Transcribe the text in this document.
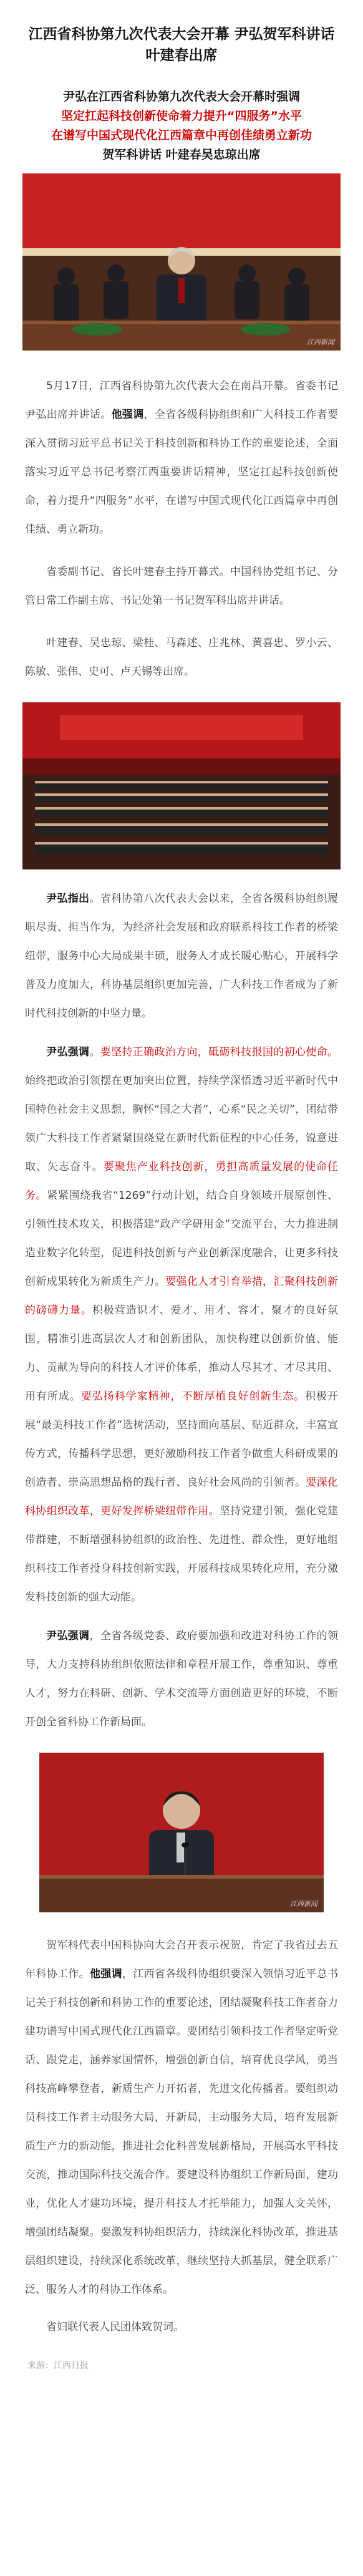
江西省科协第九次代表大会开幕 尹弘贺军科讲话
叶建春出席
尹弘在江西省科协第九次代表大会开幕时强调
坚定扛起科技创新使命着力提升“四服务”水平
在谱写中国式现代化江西篇章中再创佳绩勇立新功
贺军科讲话 叶建春吴忠琼出席
江西新闻

5月17日，江西省科协第九次代表大会在南昌开幕。省委书记尹弘出席并讲话。他强调，全省各级科协组织和广大科技工作者要深入贯彻习近平总书记关于科技创新和科协工作的重要论述，全面落实习近平总书记考察江西重要讲话精神，坚定扛起科技创新使命，着力提升“四服务”水平，在谱写中国式现代化江西篇章中再创佳绩、勇立新功。

省委副书记、省长叶建春主持开幕式。中国科协党组书记、分管日常工作副主席、书记处第一书记贺军科出席并讲话。

叶建春、吴忠琼、梁桂、马森述、庄兆林、黄喜忠、罗小云、陈敏、张伟、史可、卢天锡等出席。

尹弘指出。省科协第八次代表大会以来，全省各级科协组织履职尽责、担当作为，为经济社会发展和政府联系科技工作者的桥梁纽带，服务中心大局成果丰硕，服务人才成长暖心贴心，开展科学普及力度加大，科协基层组织更加完善，广大科技工作者成为了新时代科技创新的中坚力量。

尹弘强调。要坚持正确政治方向，砥砺科技报国的初心使命。始终把政治引领摆在更加突出位置，持续学深悟透习近平新时代中国特色社会主义思想，胸怀“国之大者”，心系“民之关切”，团结带领广大科技工作者紧紧围绕党在新时代新征程的中心任务，锐意进取、矢志奋斗。要聚焦产业科技创新，勇担高质量发展的使命任务。紧紧围绕我省“1269”行动计划，结合自身领域开展原创性、引领性技术攻关，积极搭建“政产学研用金”交流平台，大力推进制造业数字化转型，促进科技创新与产业创新深度融合，让更多科技创新成果转化为新质生产力。要强化人才引育举措，汇聚科技创新的磅礴力量。积极营造识才、爱才、用才、容才、聚才的良好氛围，精准引进高层次人才和创新团队，加快构建以创新价值、能力、贡献为导向的科技人才评价体系，推动人尽其才、才尽其用、用有所成。要弘扬科学家精神，不断厚植良好创新生态。积极开展“最美科技工作者”选树活动，坚持面向基层、贴近群众，丰富宣传方式，传播科学思想，更好激励科技工作者争做重大科研成果的创造者、崇高思想品格的践行者、良好社会风尚的引领者。要深化科协组织改革，更好发挥桥梁纽带作用。坚持党建引领，强化党建带群建，不断增强科协组织的政治性、先进性、群众性，更好地组织科技工作者投身科技创新实践，开展科技成果转化应用，充分激发科技创新的强大动能。

尹弘强调，全省各级党委、政府要加强和改进对科协工作的领导，大力支持科协组织依照法律和章程开展工作，尊重知识、尊重人才，努力在科研、创新、学术交流等方面创造更好的环境，不断开创全省科协工作新局面。

江西新闻

贺军科代表中国科协向大会召开表示祝贺，肯定了我省过去五年科协工作。他强调，江西省各级科协组织要深入领悟习近平总书记关于科技创新和科协工作的重要论述，团结凝聚科技工作者奋力建功谱写中国式现代化江西篇章。要团结引领科技工作者坚定听党话、跟党走，涵养家国情怀，增强创新自信，培育优良学风，勇当科技高峰攀登者，新质生产力开拓者，先进文化传播者。要组织动员科技工作者主动服务大局，开新局，主动服务大局，培育发展新质生产力的新动能，推进社会化科普发展新格局，开展高水平科技交流，推动国际科技交流合作。要建设科协组织工作新局面，建功业，优化人才建功环境，提升科技人才托举能力，加强人文关怀，增强团结凝聚。要激发科协组织活力，持续深化科协改革，推进基层组织建设，持续深化系统改革，继续坚持大抓基层，健全联系广泛、服务人才的科协工作体系。

省妇联代表人民团体致贺词。

来源：江西日报
